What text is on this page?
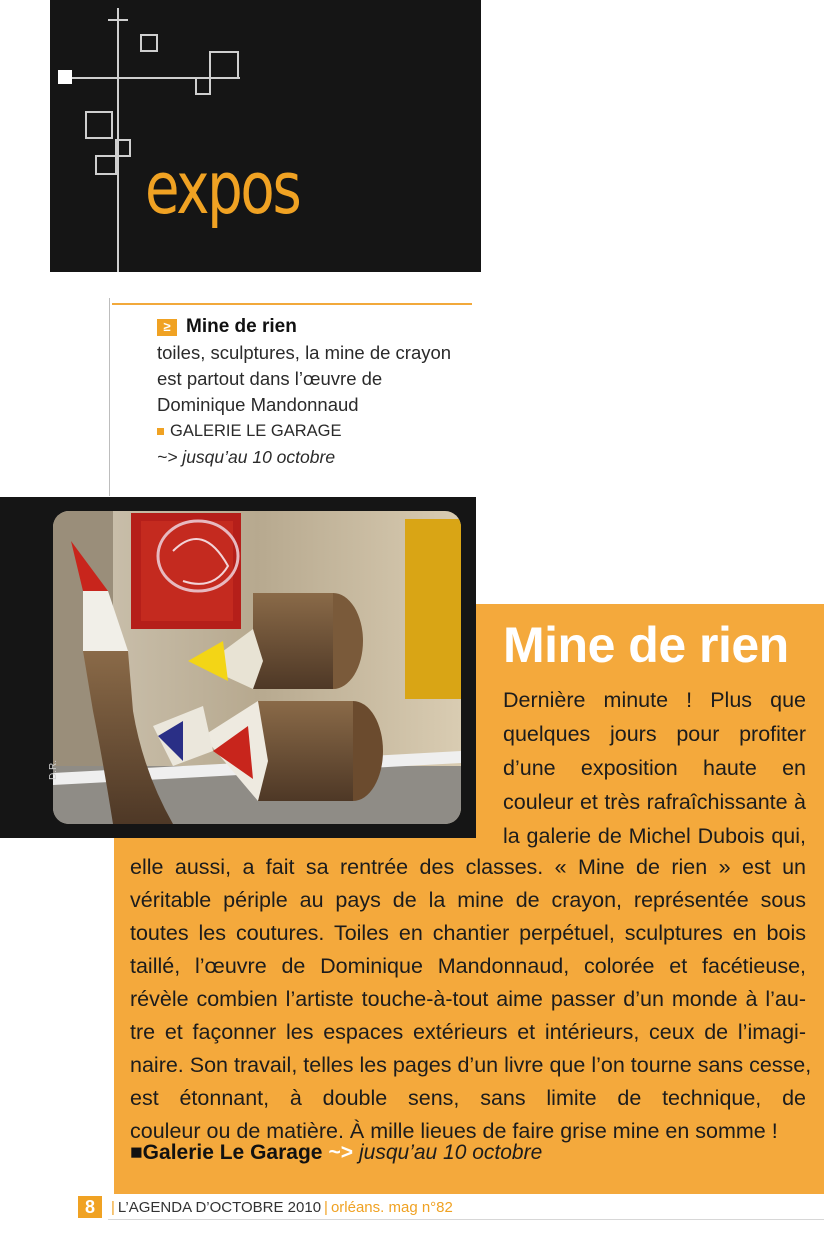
expos
≥ Mine de rien
toiles, sculptures, la mine de crayon
est partout dans l’œuvre de
Dominique Mandonnaud
GALERIE LE GARAGE
~> jusqu’au 10 octobre
D.R.
Mine de rien
Dernière minute ! Plus que
quelques jours pour profiter
d’une exposition haute en
couleur et très rafraîchissante à
la galerie de Michel Dubois qui,
elle aussi, a fait sa rentrée des classes. « Mine de rien » est un
véritable périple au pays de la mine de crayon, représentée sous
toutes les coutures. Toiles en chantier perpétuel, sculptures en bois
taillé, l’œuvre de Dominique Mandonnaud, colorée et facétieuse,
révèle combien l’artiste touche-à-tout aime passer d’un monde à l’au-
tre et façonner les espaces extérieurs et intérieurs, ceux de l’imagi-
naire. Son travail, telles les pages d’un livre que l’on tourne sans cesse,
est étonnant, à double sens, sans limite de technique, de
couleur ou de matière. À mille lieues de faire grise mine en somme !
■Galerie Le Garage ~> jusqu’au 10 octobre
8	| L’AGENDA D’OCTOBRE 2010 | orléans. mag n°82
